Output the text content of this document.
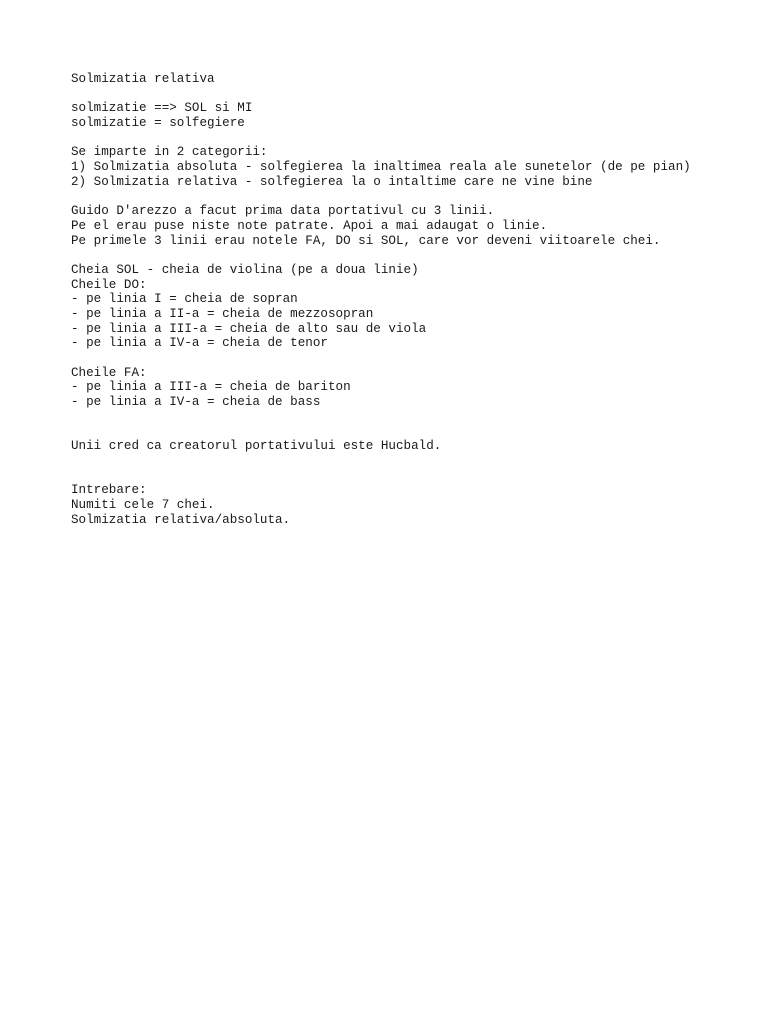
Solmizatia relativa
solmizatie ==> SOL si MI
solmizatie = solfegiere
Se imparte in 2 categorii:
1) Solmizatia absoluta - solfegierea la inaltimea reala ale sunetelor (de pe pian)
2) Solmizatia relativa - solfegierea la o intaltime care ne vine bine
Guido D'arezzo a facut prima data portativul cu 3 linii.
Pe el erau puse niste note patrate. Apoi a mai adaugat o linie.
Pe primele 3 linii erau notele FA, DO si SOL, care vor deveni viitoarele chei.
Cheia SOL - cheia de violina (pe a doua linie)
Cheile DO:
- pe linia I = cheia de sopran
- pe linia a II-a = cheia de mezzosopran
- pe linia a III-a = cheia de alto sau de viola
- pe linia a IV-a = cheia de tenor
Cheile FA:
- pe linia a III-a = cheia de bariton
- pe linia a IV-a = cheia de bass
Unii cred ca creatorul portativului este Hucbald.
Intrebare:
Numiti cele 7 chei.
Solmizatia relativa/absoluta.
